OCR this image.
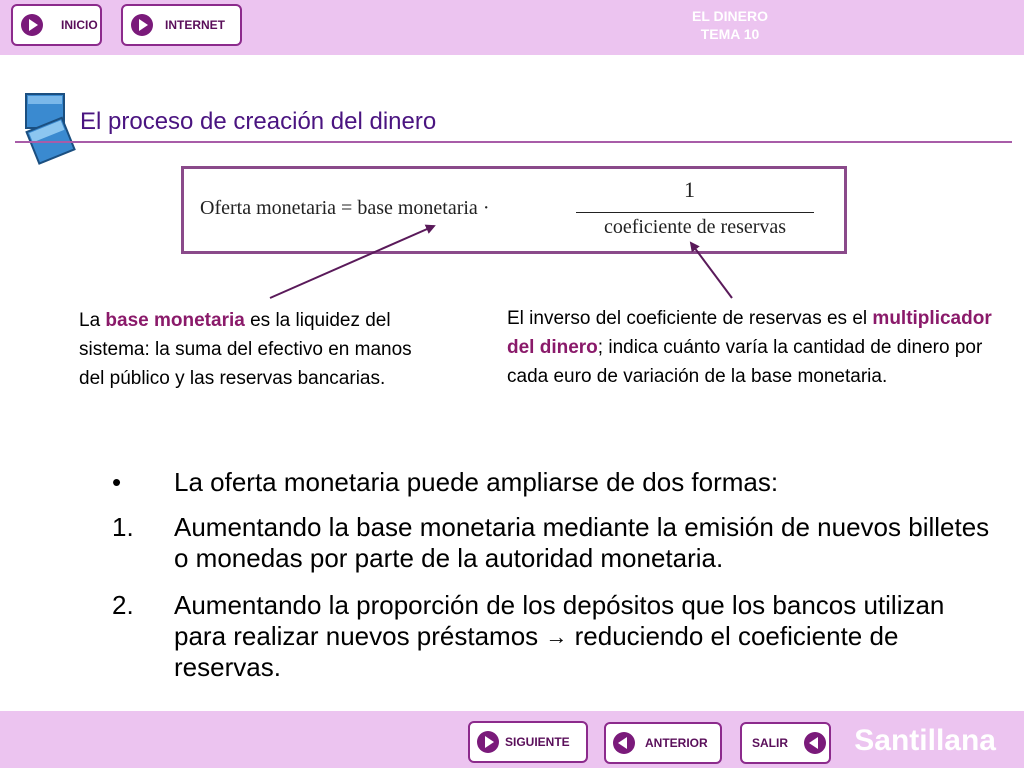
INICIO	INTERNET
EL DINERO
TEMA 10
El proceso de creación del dinero
Oferta monetaria = base monetaria ·
1
coeficiente de reservas
La base monetaria es la liquidez del sistema: la suma del efectivo en manos del público y las reservas bancarias.
El inverso del coeficiente de reservas es el multiplicador del dinero; indica cuánto varía la cantidad de dinero por cada euro de variación de la base monetaria.
•	La oferta monetaria puede ampliarse de dos formas:
1.	Aumentando la base monetaria mediante la emisión de nuevos billetes o monedas por parte de la autoridad monetaria.
2.	Aumentando la proporción de los depósitos que los bancos utilizan para realizar nuevos préstamos → reduciendo el coeficiente de reservas.
SIGUIENTE	ANTERIOR	SALIR Santillana
